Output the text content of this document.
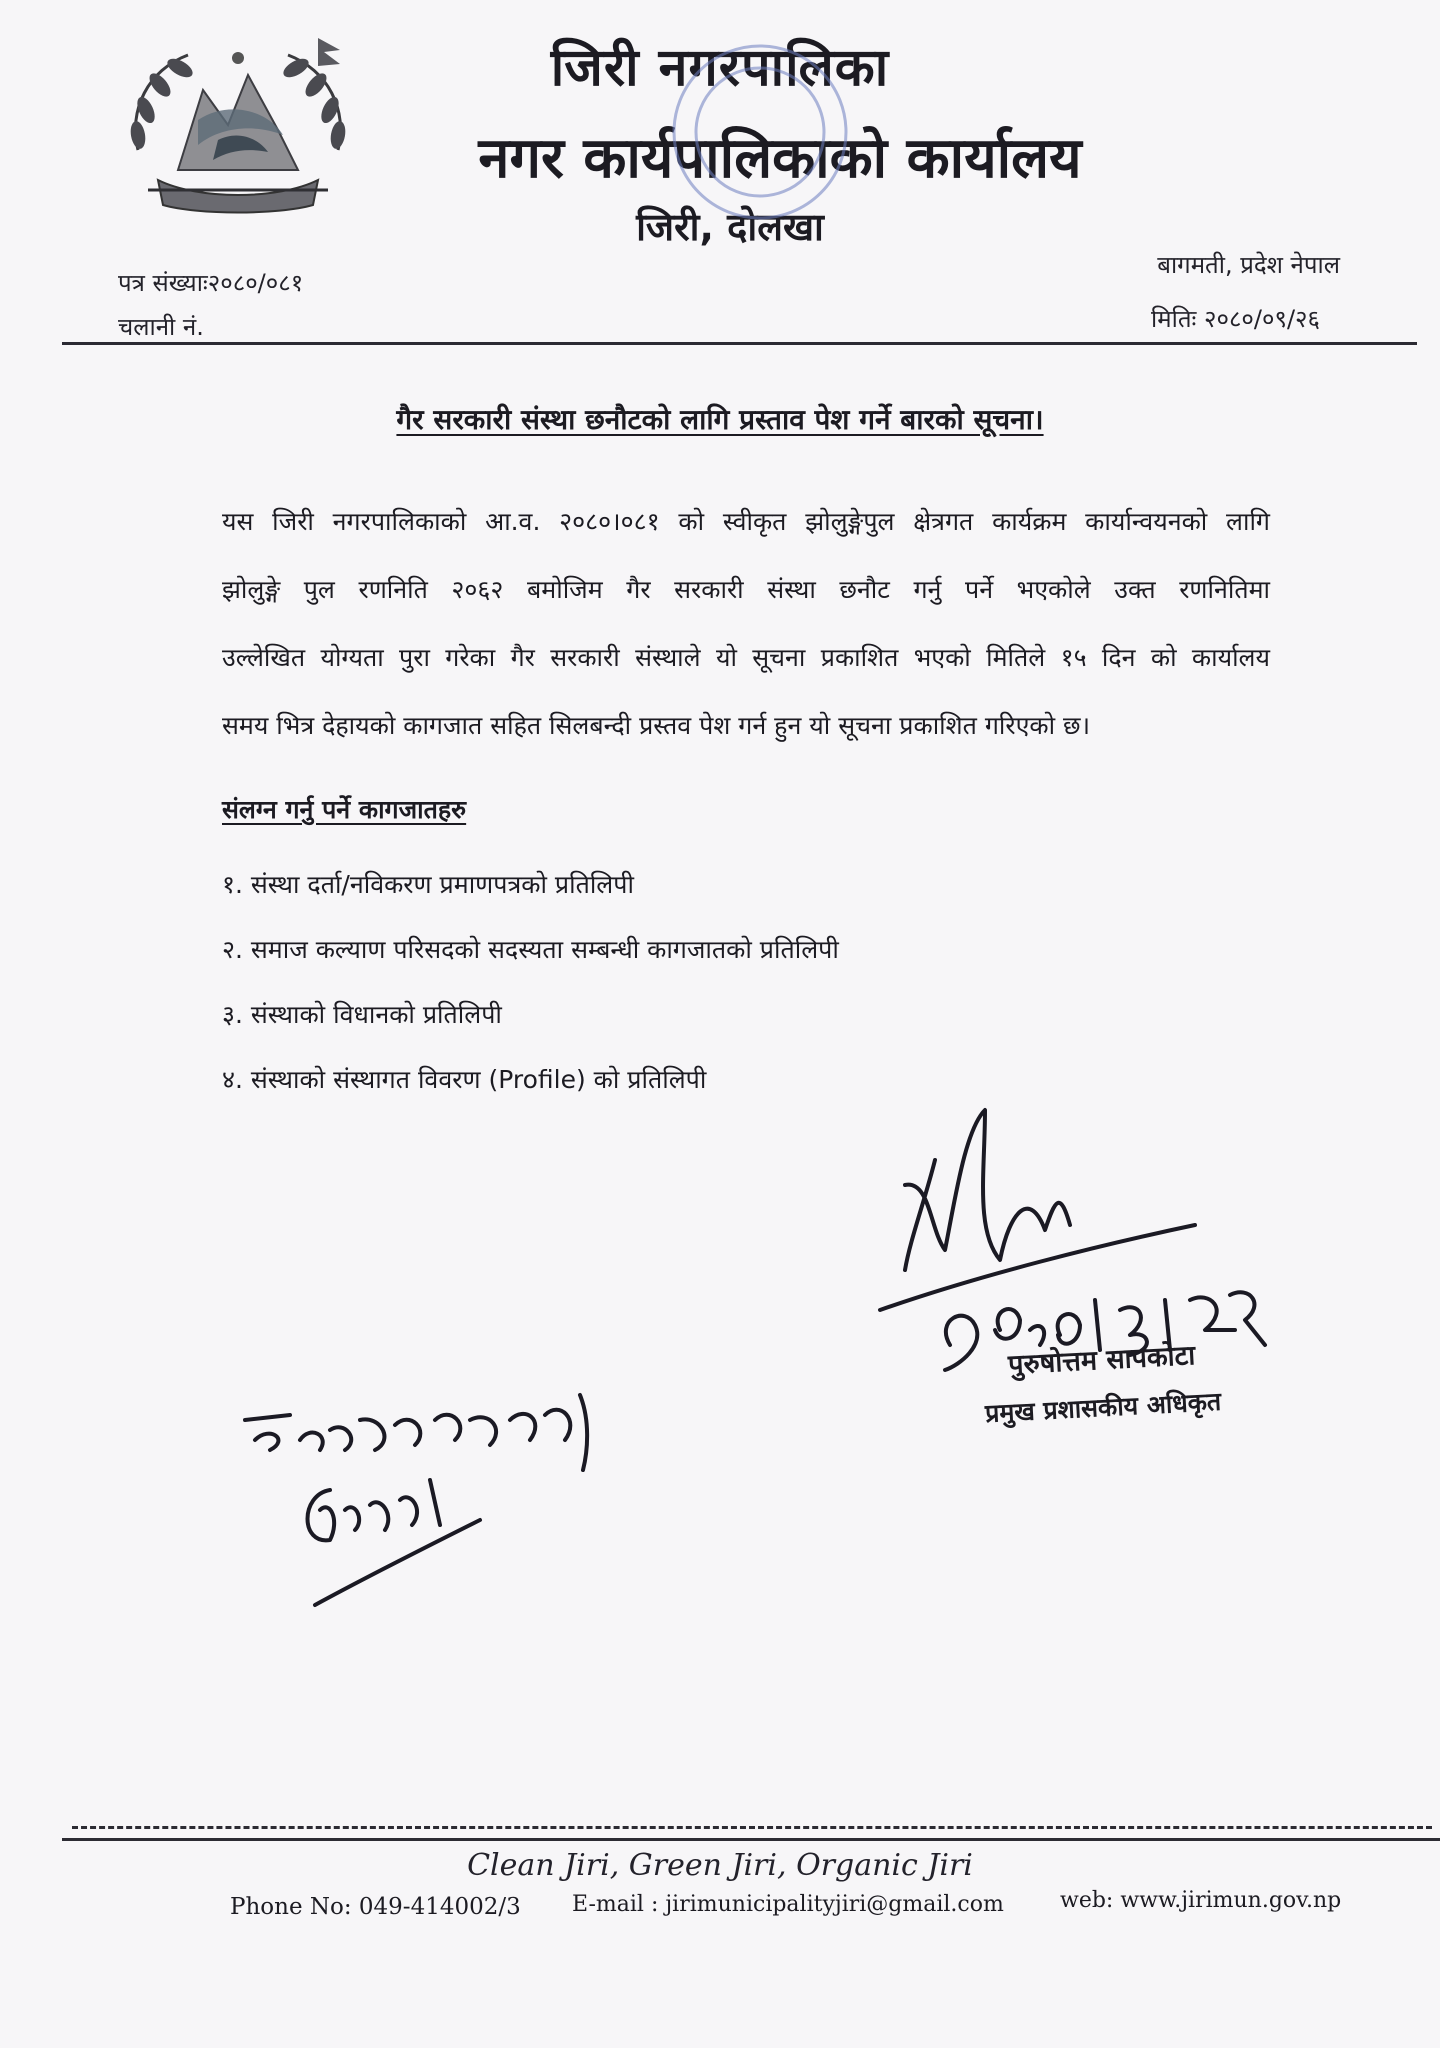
जिरी नगरपालिका
नगर कार्यपालिकाको कार्यालय
जिरी, दोलखा
पत्र संख्याः२०८०/०८१
चलानी नं.
बागमती, प्रदेश नेपाल
मितिः २०८०/०९/२६
गैर सरकारी संस्था छनौटको लागि प्रस्ताव पेश गर्ने बारको सूचना।
यस जिरी नगरपालिकाको आ.व. २०८०।०८१ को स्वीकृत झोलुङ्गेपुल क्षेत्रगत कार्यक्रम कार्यान्वयनको लागि
झोलुङ्गे पुल रणनिति २०६२ बमोजिम गैर सरकारी संस्था छनौट गर्नु पर्ने भएकोले उक्त रणनितिमा
उल्लेखित योग्यता पुरा गरेका गैर सरकारी संस्थाले यो सूचना प्रकाशित भएको मितिले १५ दिन को कार्यालय
समय भित्र देहायको कागजात सहित सिलबन्दी प्रस्तव पेश गर्न हुन यो सूचना प्रकाशित गरिएको छ।
संलग्न गर्नु पर्ने कागजातहरु
१. संस्था दर्ता/नविकरण प्रमाणपत्रको प्रतिलिपी
२. समाज कल्याण परिसदको सदस्यता सम्बन्धी कागजातको प्रतिलिपी
३. संस्थाको विधानको प्रतिलिपी
४. संस्थाको संस्थागत विवरण (Profile) को प्रतिलिपी
पुरुषोत्तम सापकोटा
प्रमुख प्रशासकीय अधिकृत
Clean Jiri, Green Jiri, Organic Jiri
Phone No: 049-414002/3 E-mail : jirimunicipalityjiri@gmail.com	web: www.jirimun.gov.np
